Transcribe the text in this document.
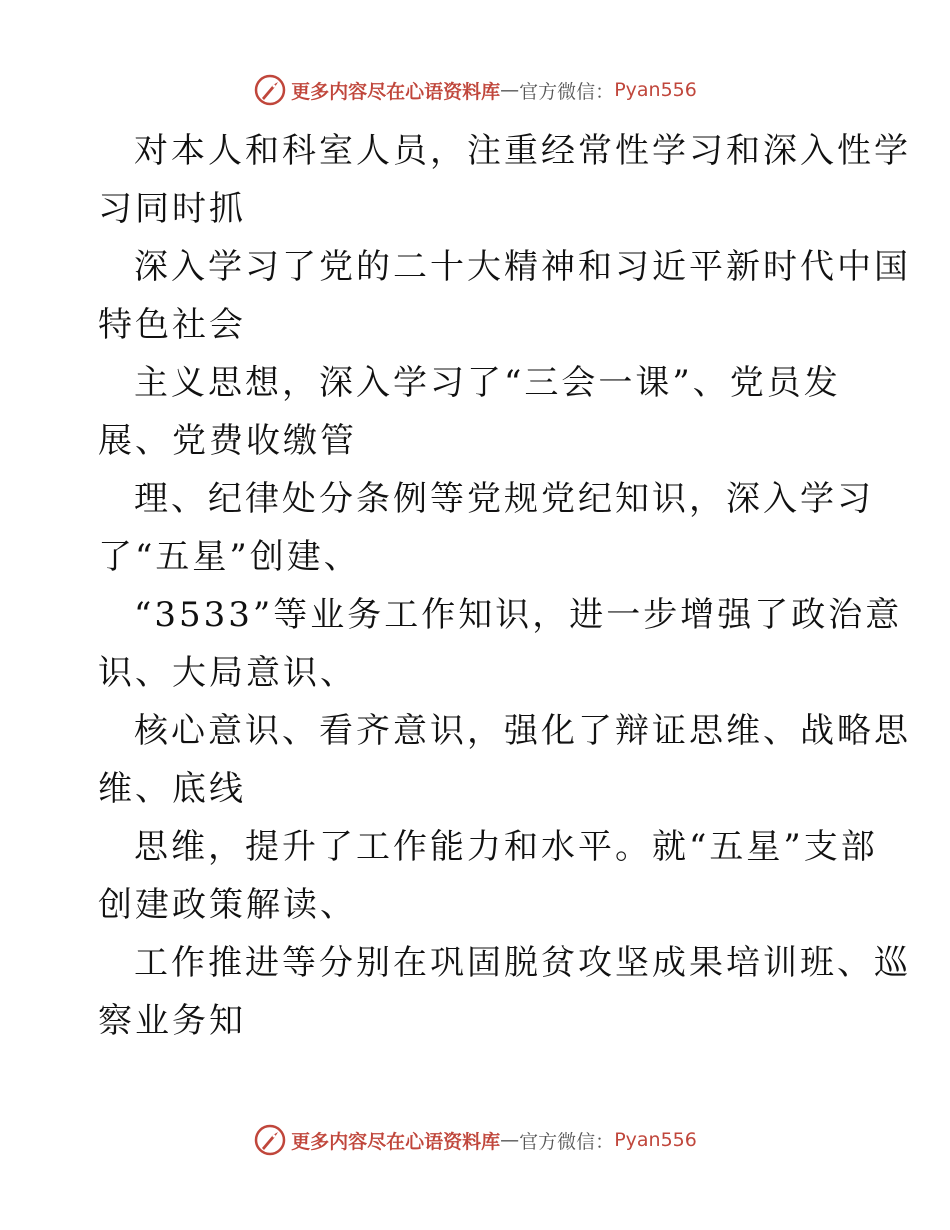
更多内容尽在心语资料库 — 官方微信： Pyan556
对本人和科室人员，注重经常性学习和深入性学
习同时抓
深入学习了党的二十大精神和习近平新时代中国
特色社会
主义思想，深入学习了“三会一课”、党员发
展、党费收缴管
理、纪律处分条例等党规党纪知识，深入学习
了“五星”创建、
“3533”等业务工作知识，进一步增强了政治意
识、大局意识、
核心意识、看齐意识，强化了辩证思维、战略思
维、底线
思维，提升了工作能力和水平。就“五星”支部
创建政策解读、
工作推进等分别在巩固脱贫攻坚成果培训班、巡
察业务知
更多内容尽在心语资料库 — 官方微信： Pyan556
